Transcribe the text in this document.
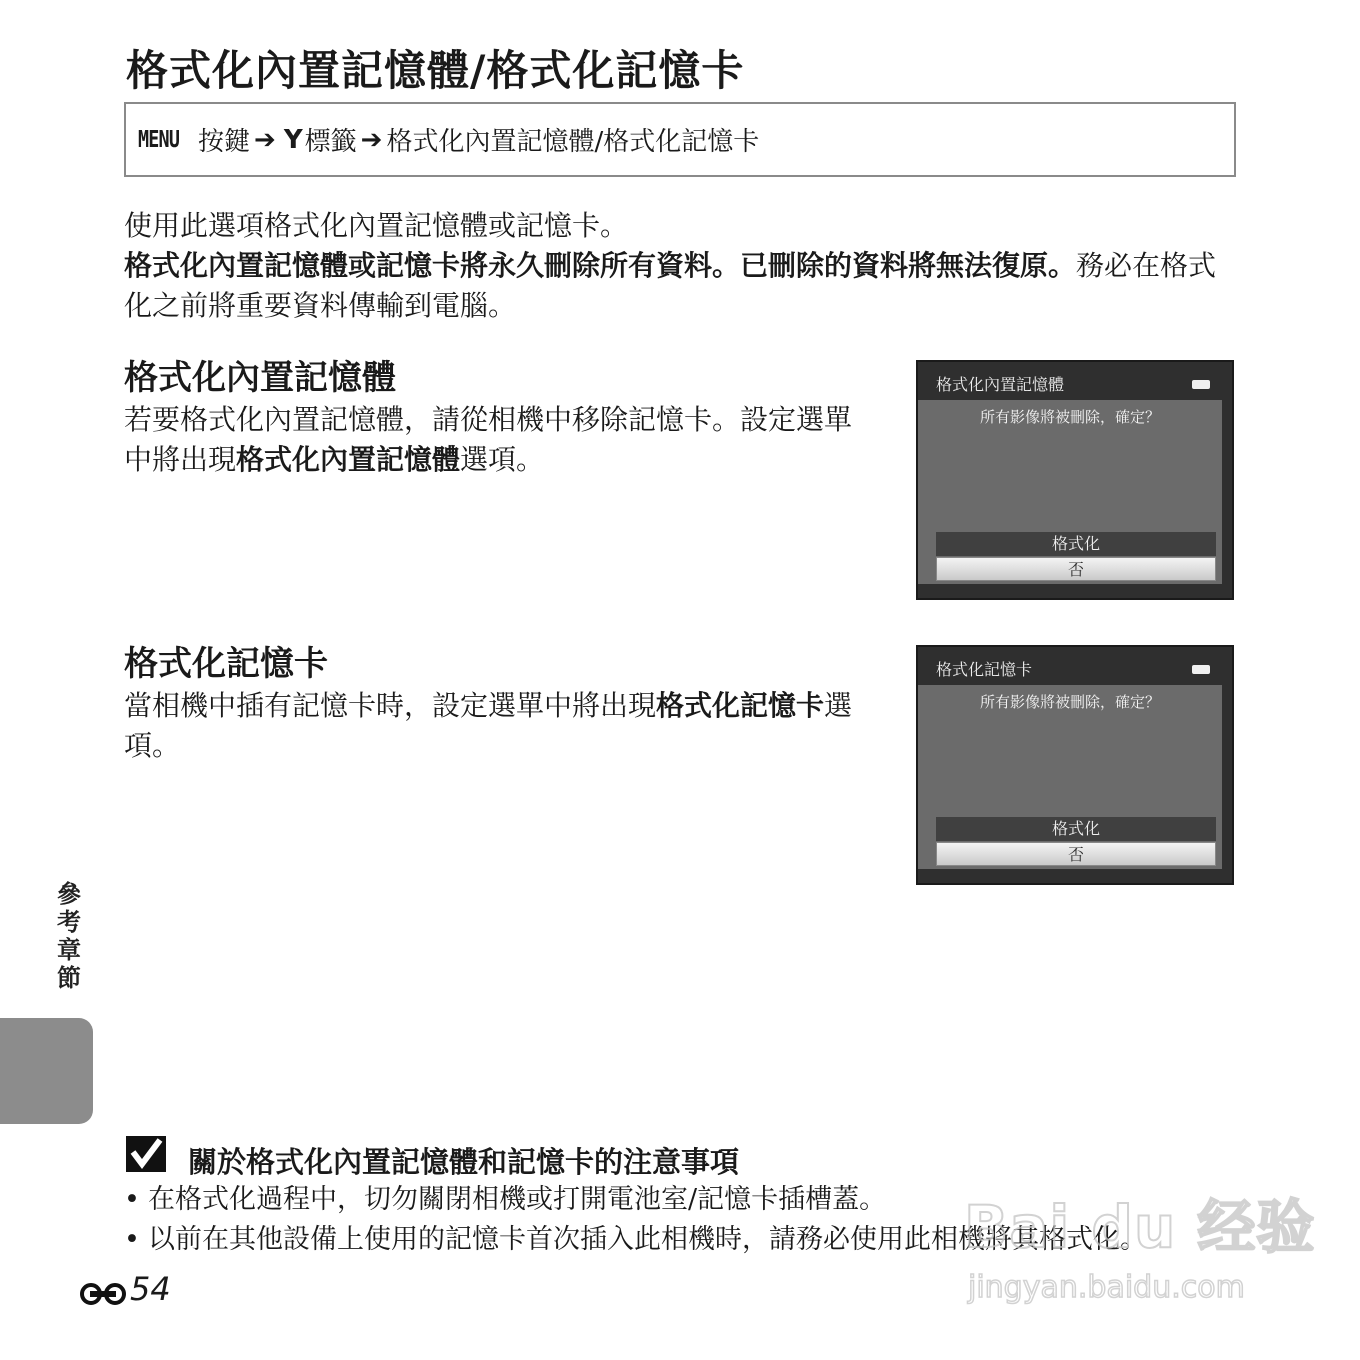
格式化內置記憶體/格式化記憶卡
MENU 按鍵 ➔ Y 標籤 ➔ 格式化內置記憶體/格式化記憶卡

使用此選項格式化內置記憶體或記憶卡。

格式化內置記憶體或記憶卡將永久刪除所有資料。已刪除的資料將無法復原。務必在格式化之前將重要資料傳輸到電腦。

格式化內置記憶體
若要格式化內置記憶體，請從相機中移除記憶卡。設定選單中將出現格式化內置記憶體選項。
格式化內置記憶體
所有影像將被刪除，確定？
格式化
否
格式化記憶卡
當相機中插有記憶卡時，設定選單中將出現格式化記憶卡選項。
格式化記憶卡
所有影像將被刪除，確定？
格式化
否
參考章節
關於格式化內置記憶體和記憶卡的注意事項
• 在格式化過程中，切勿關閉相機或打開電池室/記憶卡插槽蓋。
• 以前在其他設備上使用的記憶卡首次插入此相機時，請務必使用此相機將其格式化。
54
Bai du 经验
jingyan.baidu.com
